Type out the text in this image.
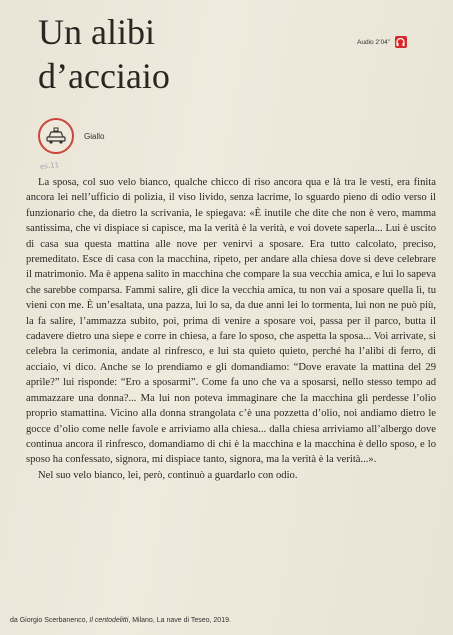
Un alibi
d’acciaio
Audio 2’04’’
Giallo
es.11

La sposa, col suo velo bianco, qualche chicco di riso ancora qua e là tra le vesti, era finita ancora lei nell’ufficio di polizia, il viso livido, senza lacrime, lo sguardo pieno di odio verso il funzionario che, da dietro la scrivania, le spiegava: «È inutile che dite che non è vero, mamma santissima, che vi dispiace si capisce, ma la verità è la verità, e voi dovete saperla... Lui è uscito di casa sua questa mattina alle nove per venirvi a sposare. Era tutto calcolato, preciso, premeditato. Esce di casa con la macchina, ripeto, per andare alla chiesa dove si deve celebrare il matrimonio. Ma è appena salito in macchina che compare la sua vecchia amica, e lui lo sapeva che sarebbe comparsa. Fammi salire, gli dice la vecchia amica, tu non vai a sposare quella lì, tu vieni con me. È un’esaltata, una pazza, lui lo sa, da due anni lei lo tormenta, lui non ne può più, la fa salire, l’ammazza subito, poi, prima di venire a sposare voi, passa per il parco, butta il cadavere dietro una siepe e corre in chiesa, a fare lo sposo, che aspetta la sposa... Voi arrivate, si celebra la cerimonia, andate al rinfresco, e lui sta quieto quieto, perché ha l’alibi di ferro, di acciaio, vi dico. Anche se lo prendiamo e gli domandiamo: “Dove eravate la mattina del 29 aprile?” lui risponde: “Ero a sposarmi”. Come fa uno che va a sposarsi, nello stesso tempo ad ammazzare una donna?... Ma lui non poteva immaginare che la macchina gli perdesse l’olio proprio stamattina. Vicino alla donna strangolata c’è una pozzetta d’olio, noi andiamo dietro le gocce d’olio come nelle favole e arriviamo alla chiesa... dalla chiesa arriviamo all’albergo dove continua ancora il rinfresco, domandiamo di chi è la macchina e la macchina è dello sposo, e lo sposo ha confessato, signora, mi dispiace tanto, signora, ma la verità è la verità...».

Nel suo velo bianco, lei, però, continuò a guardarlo con odio.

da Giorgio Scerbanenco, Il centodelitti, Milano, La nave di Teseo, 2019.
